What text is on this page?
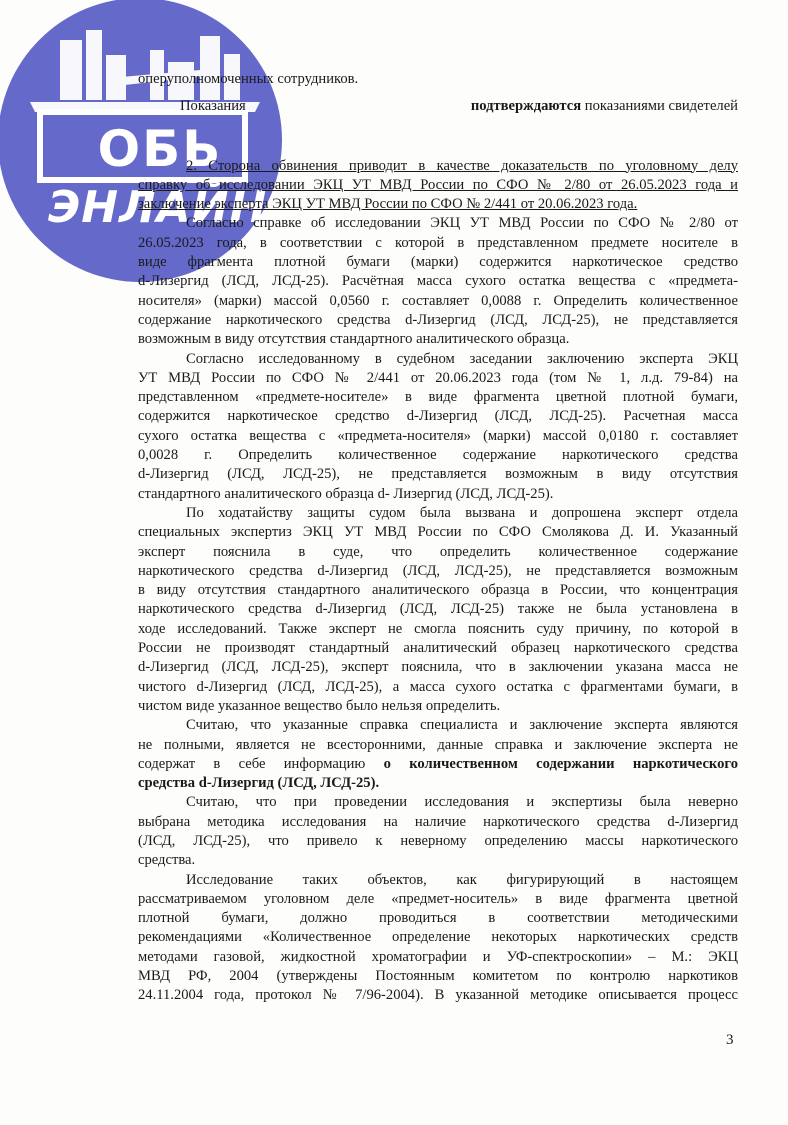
ОБЬ
ЭНЛАЙН
оперуполномоченных сотрудников.
Показания	подтверждаются показаниями свидетелей
2. Сторона обвинения приводит в качестве доказательств по уголовному делу
справку об исследовании ЭКЦ УТ МВД России по СФО № 2/80 от 26.05.2023 года и
заключение эксперта ЭКЦ УТ МВД России по СФО № 2/441 от 20.06.2023 года.
Согласно справке об исследовании ЭКЦ УТ МВД России по СФО № 2/80 от
26.05.2023 года, в соответствии с которой в представленном предмете носителе в
виде фрагмента плотной бумаги (марки) содержится наркотическое средство
d-Лизергид (ЛСД, ЛСД-25). Расчётная масса сухого остатка вещества с «предмета-
носителя» (марки) массой 0,0560 г. составляет 0,0088 г. Определить количественное
содержание наркотического средства d-Лизергид (ЛСД, ЛСД-25), не представляется
возможным в виду отсутствия стандартного аналитического образца.
Согласно исследованному в судебном заседании заключению эксперта ЭКЦ
УТ МВД России по СФО № 2/441 от 20.06.2023 года (том № 1, л.д. 79-84) на
представленном «предмете-носителе» в виде фрагмента цветной плотной бумаги,
содержится наркотическое средство d-Лизергид (ЛСД, ЛСД-25). Расчетная масса
сухого остатка вещества с «предмета-носителя» (марки) массой 0,0180 г. составляет
0,0028 г. Определить количественное содержание наркотического средства
d-Лизергид (ЛСД, ЛСД-25), не представляется возможным в виду отсутствия
стандартного аналитического образца d- Лизергид (ЛСД, ЛСД-25).
По ходатайству защиты судом была вызвана и допрошена эксперт отдела
специальных экспертиз ЭКЦ УТ МВД России по СФО Смолякова Д. И. Указанный
эксперт пояснила в суде, что определить количественное содержание
наркотического средства d-Лизергид (ЛСД, ЛСД-25), не представляется возможным
в виду отсутствия стандартного аналитического образца в России, что концентрация
наркотического средства d-Лизергид (ЛСД, ЛСД-25) также не была установлена в
ходе исследований. Также эксперт не смогла пояснить суду причину, по которой в
России не производят стандартный аналитический образец наркотического средства
d-Лизергид (ЛСД, ЛСД-25), эксперт пояснила, что в заключении указана масса не
чистого d-Лизергид (ЛСД, ЛСД-25), а масса сухого остатка с фрагментами бумаги, в
чистом виде указанное вещество было нельзя определить.
Считаю, что указанные справка специалиста и заключение эксперта являются
не полными, является не всесторонними, данные справка и заключение эксперта не
содержат в себе информацию о количественном содержании наркотического
средства d-Лизергид (ЛСД, ЛСД-25).
Считаю, что при проведении исследования и экспертизы была неверно
выбрана методика исследования на наличие наркотического средства d-Лизергид
(ЛСД, ЛСД-25), что привело к неверному определению массы наркотического
средства.
Исследование таких объектов, как фигурирующий в настоящем
рассматриваемом уголовном деле «предмет-носитель» в виде фрагмента цветной
плотной бумаги, должно проводиться в соответствии методическими
рекомендациями «Количественное определение некоторых наркотических средств
методами газовой, жидкостной хроматографии и УФ-спектроскопии» – М.: ЭКЦ
МВД РФ, 2004 (утверждены Постоянным комитетом по контролю наркотиков
24.11.2004 года, протокол № 7/96-2004). В указанной методике описывается процесс
3
